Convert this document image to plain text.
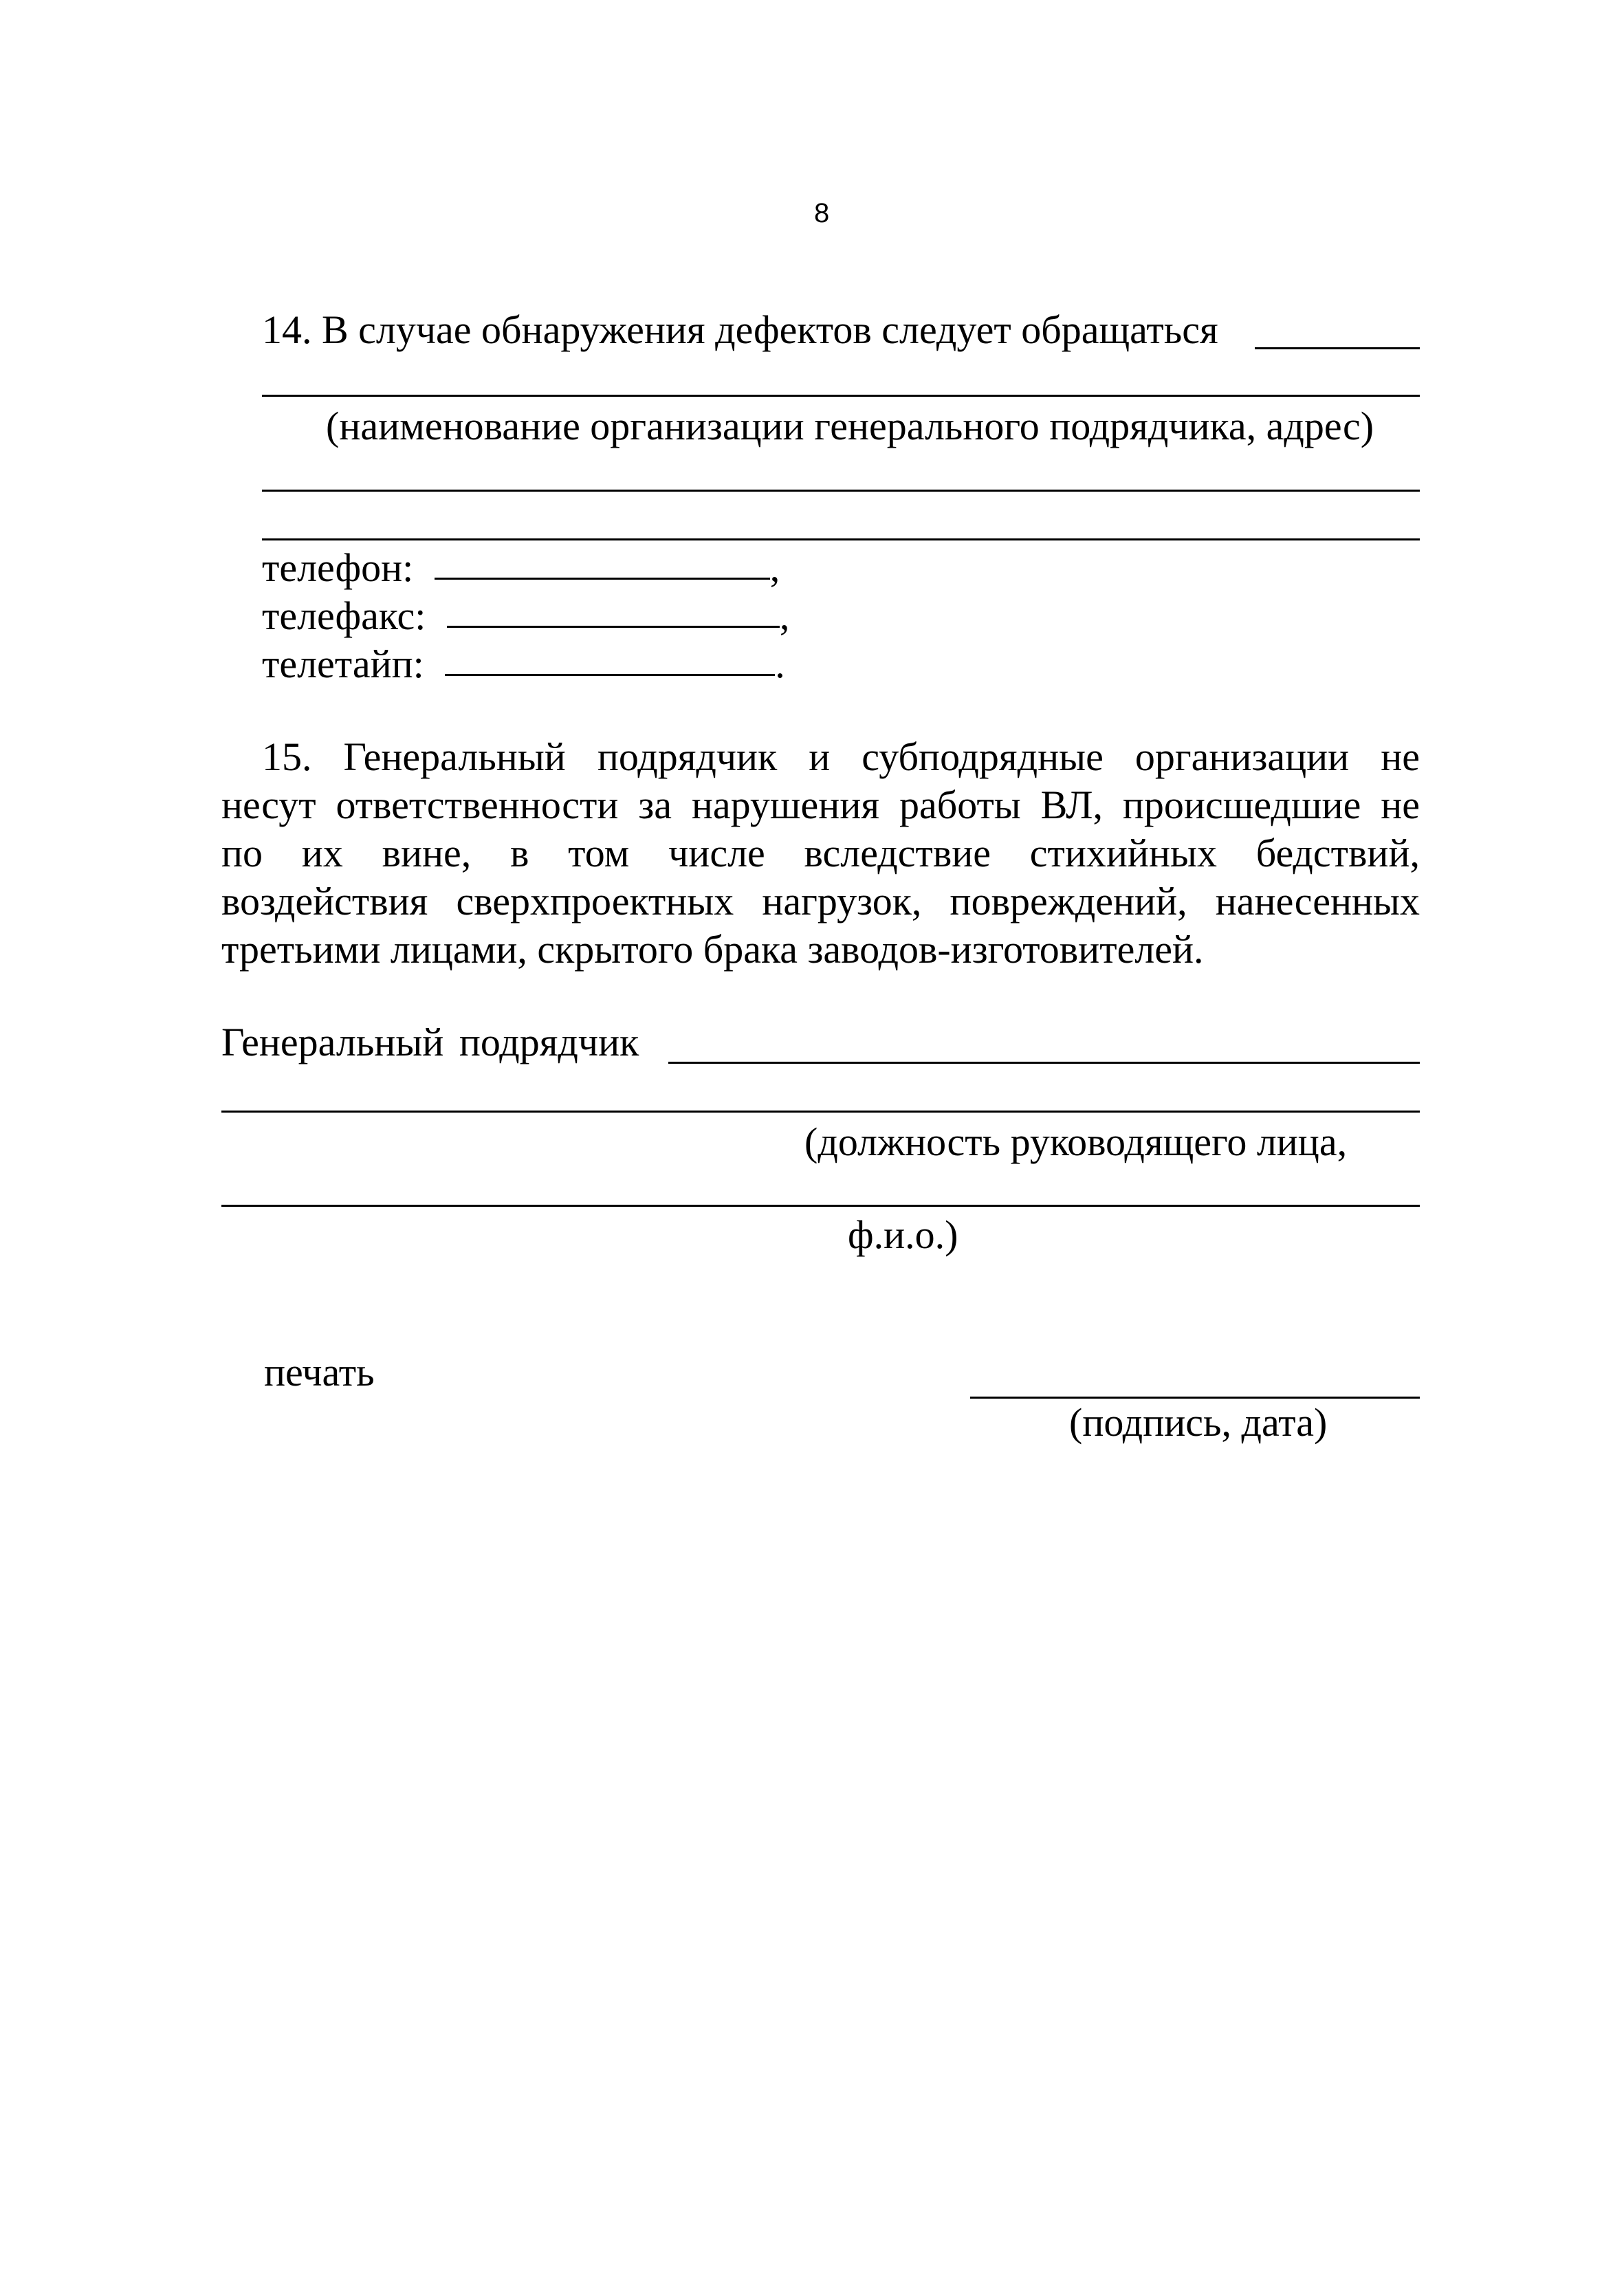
8
14. В случае обнаружения дефектов следует обращаться
(наименование организации генерального подрядчика, адрес)
телефон:	,
телефакс:	,
телетайп:	.
15. Генеральный подрядчик и субподрядные организации не
несут ответственности за нарушения работы ВЛ, происшедшие не
по их вине, в том числе вследствие стихийных бедствий,
воздействия сверхпроектных нагрузок, повреждений, нанесенных
третьими лицами, скрытого брака заводов-изготовителей.
Генеральный подрядчик
(должность руководящего лица,
ф.и.о.)
печать
(подпись, дата)
